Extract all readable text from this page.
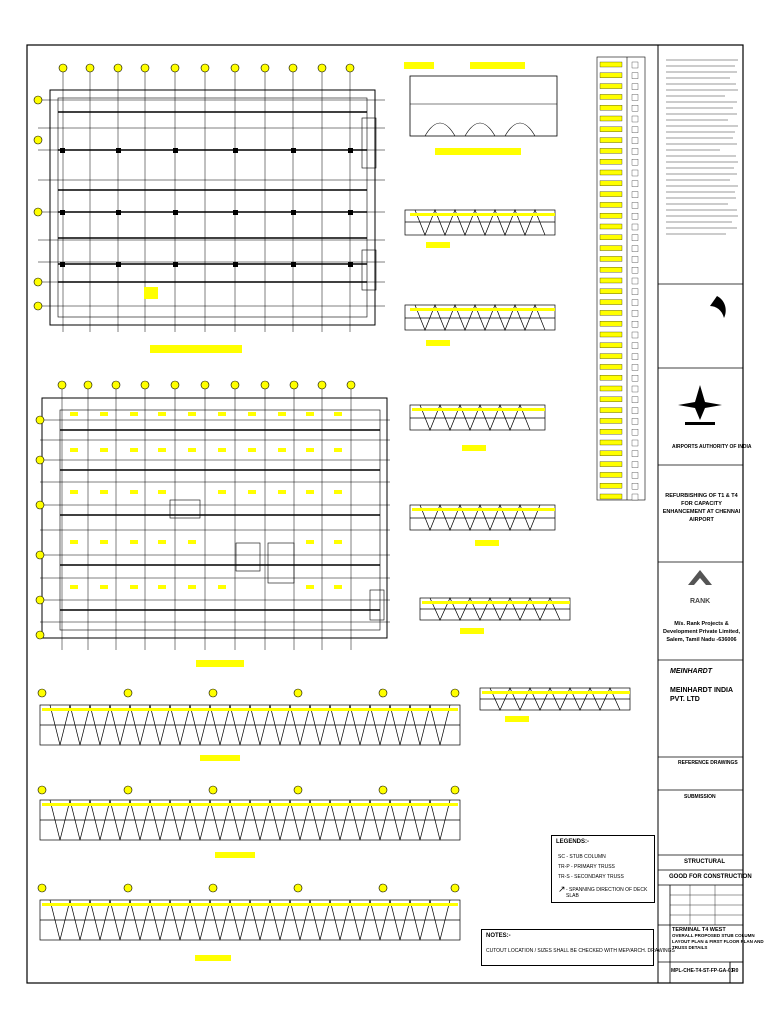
LEGENDS:-
SC - STUB COLUMN
TR-P - PRIMARY TRUSS
TR-S - SECONDARY TRUSS
- SPANNING DIRECTION OF DECK SLAB
↗
NOTES:-
CUTOUT LOCATION / SIZES SHALL BE CHECKED WITH MEP/ARCH. DRAWINGS
AIRPORTS AUTHORITY OF INDIA
REFURBISHING OF T1 & T4
FOR CAPACITY
ENHANCEMENT AT CHENNAI
AIRPORT
RANK
M/s. Rank Projects &
Development Private Limited,
Salem, Tamil Nadu -636006
MEINHARDT
MEINHARDT INDIA
PVT. LTD
REFERENCE DRAWINGS
SUBMISSION
STRUCTURAL
GOOD FOR CONSTRUCTION
TERMINAL T4 WEST
OVERALL PROPOSED STUB COLUMN
LAYOUT PLAN & FIRST FLOOR PLAN AND
TRUSS DETAILS
MPL-CHE-T4-ST-FP-GA-01
R0
